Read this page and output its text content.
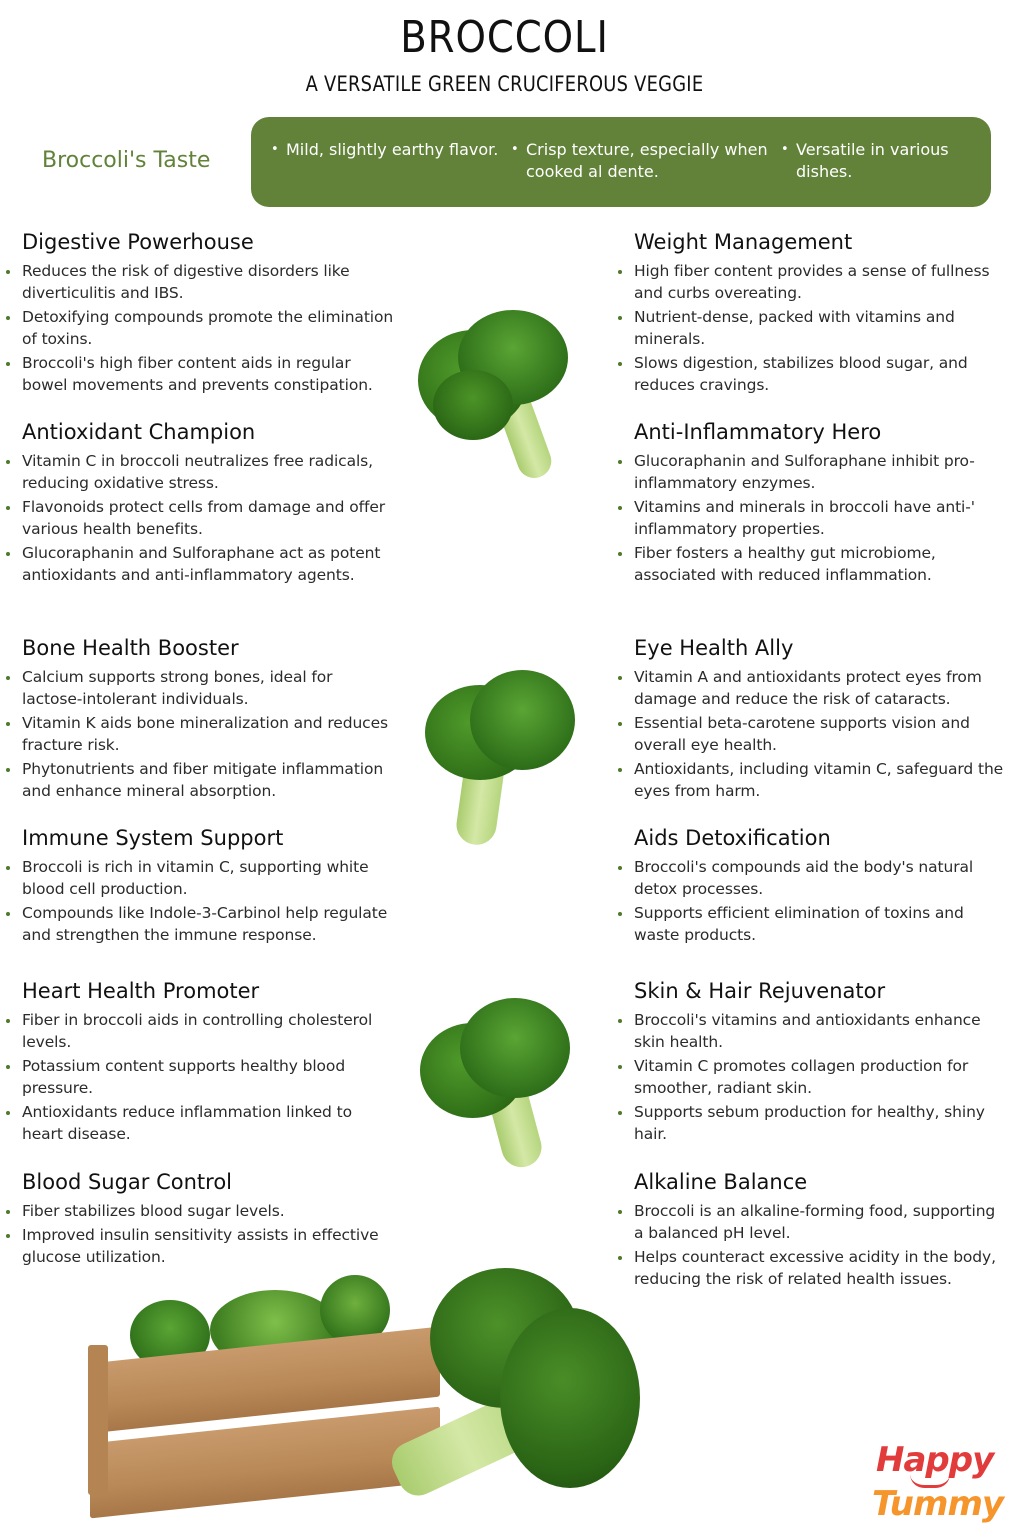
BROCCOLI
A VERSATILE GREEN CRUCIFEROUS VEGGIE
Broccoli's Taste	• Mild, slightly earthy flavor.	• Crisp texture, especially when cooked al dente.
• Versatile in various dishes.
Digestive Powerhouse
Reduces the risk of digestive disorders like diverticulitis and IBS.
Detoxifying compounds promote the elimination of toxins.
Broccoli's high fiber content aids in regular bowel movements and prevents constipation.
Antioxidant Champion
Vitamin C in broccoli neutralizes free radicals, reducing oxidative stress.
Flavonoids protect cells from damage and offer various health benefits.
Glucoraphanin and Sulforaphane act as potent antioxidants and anti-inflammatory agents.
Bone Health Booster
Calcium supports strong bones, ideal for lactose-intolerant individuals.
Vitamin K aids bone mineralization and reduces fracture risk.
Phytonutrients and fiber mitigate inflammation and enhance mineral absorption.
Immune System Support
Broccoli is rich in vitamin C, supporting white blood cell production.
Compounds like Indole-3-Carbinol help regulate and strengthen the immune response.
Heart Health Promoter
Fiber in broccoli aids in controlling cholesterol levels.
Potassium content supports healthy blood pressure.
Antioxidants reduce inflammation linked to heart disease.
Blood Sugar Control
Fiber stabilizes blood sugar levels.
Improved insulin sensitivity assists in effective glucose utilization.
Weight Management
High fiber content provides a sense of fullness and curbs overeating.
Nutrient-dense, packed with vitamins and minerals.
Slows digestion, stabilizes blood sugar, and reduces cravings.
Anti-Inflammatory Hero
Glucoraphanin and Sulforaphane inhibit pro-inflammatory enzymes.
Vitamins and minerals in broccoli have anti-' inflammatory properties.
Fiber fosters a healthy gut microbiome, associated with reduced inflammation.
Eye Health Ally
Vitamin A and antioxidants protect eyes from damage and reduce the risk of cataracts.
Essential beta-carotene supports vision and overall eye health.
Antioxidants, including vitamin C, safeguard the eyes from harm.
Aids Detoxification
Broccoli's compounds aid the body's natural detox processes.
Supports efficient elimination of toxins and waste products.
Skin & Hair Rejuvenator
Broccoli's vitamins and antioxidants enhance skin health.
Vitamin C promotes collagen production for smoother, radiant skin.
Supports sebum production for healthy, shiny hair.
Alkaline Balance
Broccoli is an alkaline-forming food, supporting a balanced pH level.
Helps counteract excessive acidity in the body, reducing the risk of related health issues.
Happy
Tummy
